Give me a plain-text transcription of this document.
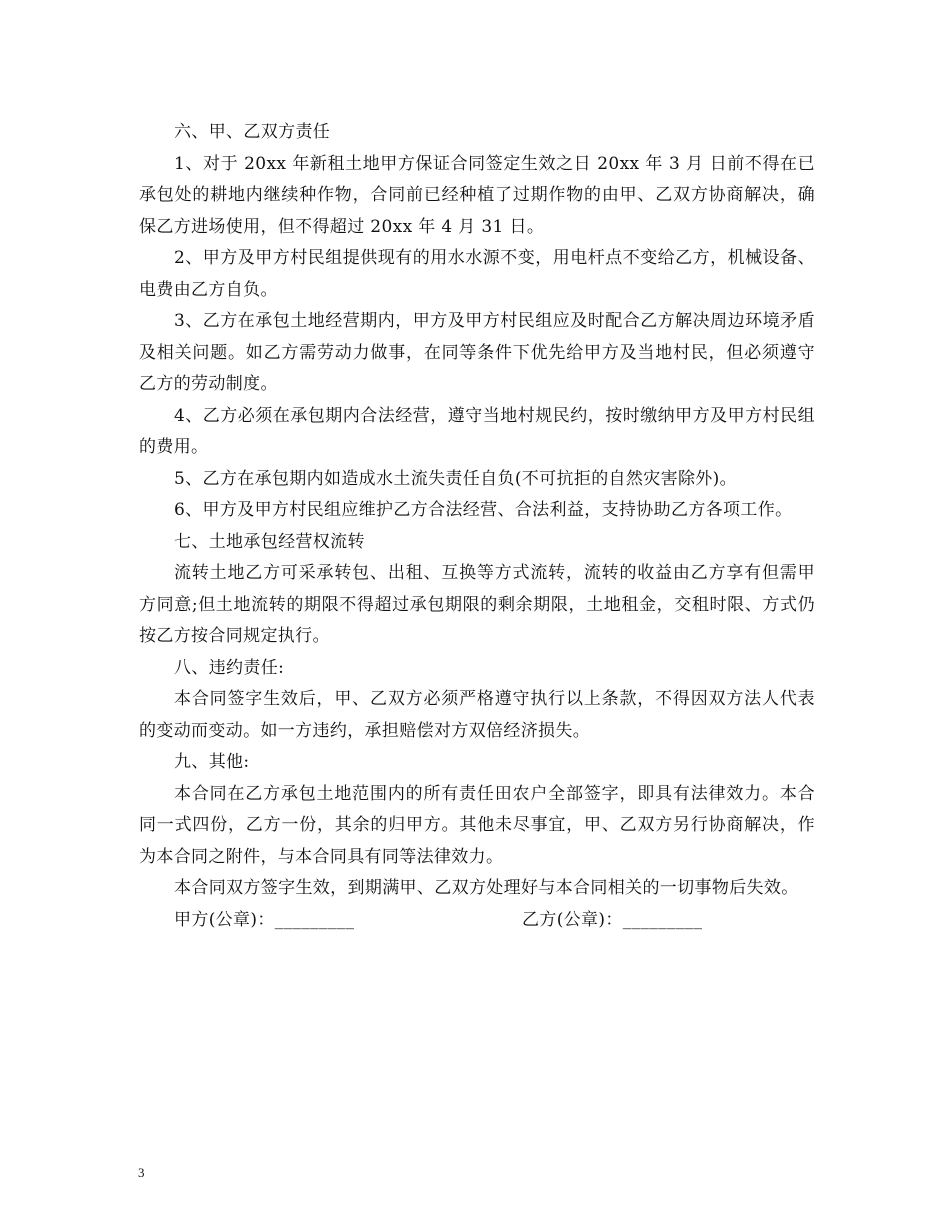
六、甲、乙双方责任

1、对于 20xx 年新租土地甲方保证合同签定生效之日 20xx 年 3 月 日前不得在已承包处的耕地内继续种作物，合同前已经种植了过期作物的由甲、乙双方协商解决，确保乙方进场使用，但不得超过 20xx 年 4 月 31 日。

2、甲方及甲方村民组提供现有的用水水源不变，用电杆点不变给乙方，机械设备、电费由乙方自负。

3、乙方在承包土地经营期内，甲方及甲方村民组应及时配合乙方解决周边环境矛盾及相关问题。如乙方需劳动力做事，在同等条件下优先给甲方及当地村民，但必须遵守乙方的劳动制度。

4、乙方必须在承包期内合法经营，遵守当地村规民约，按时缴纳甲方及甲方村民组的费用。

5、乙方在承包期内如造成水土流失责任自负(不可抗拒的自然灾害除外)。

6、甲方及甲方村民组应维护乙方合法经营、合法利益，支持协助乙方各项工作。

七、土地承包经营权流转

流转土地乙方可采承转包、出租、互换等方式流转，流转的收益由乙方享有但需甲方同意;但土地流转的期限不得超过承包期限的剩余期限，土地租金，交租时限、方式仍按乙方按合同规定执行。

八、违约责任:

本合同签字生效后，甲、乙双方必须严格遵守执行以上条款，不得因双方法人代表的变动而变动。如一方违约，承担赔偿对方双倍经济损失。

九、其他:

本合同在乙方承包土地范围内的所有责任田农户全部签字，即具有法律效力。本合同一式四份，乙方一份，其余的归甲方。其他未尽事宜，甲、乙双方另行协商解决，作为本合同之附件，与本合同具有同等法律效力。

本合同双方签字生效，到期满甲、乙双方处理好与本合同相关的一切事物后失效。

甲方(公章)：_________	乙方(公章)：_________
3
